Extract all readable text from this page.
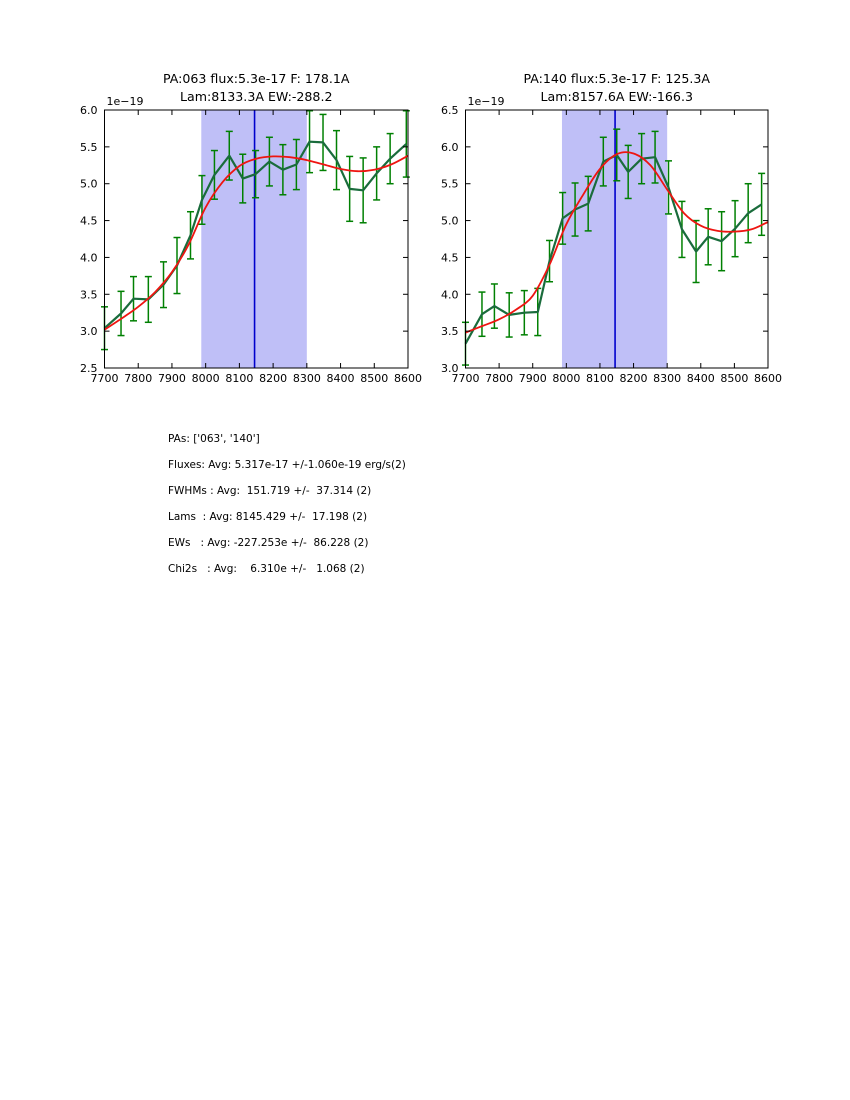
7700 7800 7900 8000 8100 8200 8300 8400 8500 8600
2.5
3.0
3.5
4.0
4.5
5.0
5.5
6.0
PA:063 flux:5.3e-17 F: 178.1A
Lam:8133.3A EW:-288.2
1e−19
7700 7800 7900 8000 8100 8200 8300 8400 8500 8600
3.0
3.5
4.0
4.5
5.0
5.5
6.0
6.5
PA:140 flux:5.3e-17 F: 125.3A
Lam:8157.6A EW:-166.3
1e−19
PAs: ['063', '140']
Fluxes: Avg: 5.317e-17 +/-1.060e-19 erg/s(2)
FWHMs : Avg:  151.719 +/-  37.314 (2)
Lams  : Avg: 8145.429 +/-  17.198 (2)
EWs   : Avg: -227.253e +/-  86.228 (2)
Chi2s   : Avg:    6.310e +/-   1.068 (2)
